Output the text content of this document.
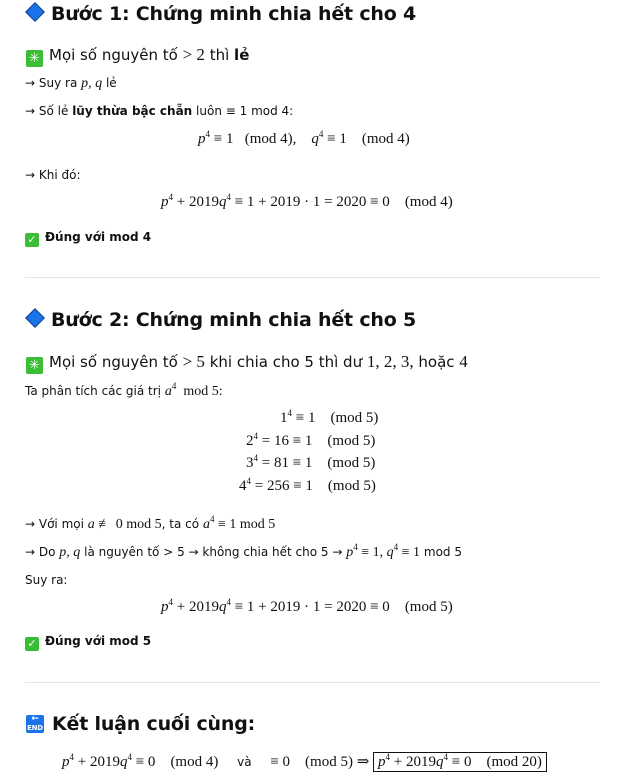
Bước 1: Chứng minh chia hết cho 4
✳ Mọi số nguyên tố > 2 thì lẻ
→ Suy ra p, q lẻ
→ Số lẻ lũy thừa bậc chẵn luôn ≡ 1 mod 4:
$p^4 \equiv 1$ (mod 4), $q^4 \equiv 1$ (mod 4)
→ Khi đó:
$p^4 + 2019q^4 \equiv 1 + 2019 \cdot 1 = 2020 \equiv 0$ (mod 4)
✓ Đúng với mod 4
Bước 2: Chứng minh chia hết cho 5
✳ Mọi số nguyên tố > 5 khi chia cho 5 thì dư 1, 2, 3, hoặc 4
Ta phân tích các giá trị $a^4$ mod 5:
$1^4 \equiv 1$ (mod 5)
$2^4 = 16 \equiv 1$ (mod 5)
$3^4 = 81 \equiv 1$ (mod 5)
$4^4 = 256 \equiv 1$ (mod 5)
→ Với mọi a ≢ 0 mod 5, ta có $a^4 \equiv 1$ mod 5
→ Do p, q là nguyên tố > 5 → không chia hết cho $5 \to p^4 \equiv 1$, $q^4 \equiv 1$ mod 5
Suy ra:
$p^4 + 2019q^4 \equiv 1 + 2019 \cdot 1 = 2020 \equiv 0$ (mod 5)
✓ Đúng với mod 5
←
END Kết luận cuối cùng:
$p^4 + 2019q^4 \equiv 0$ (mod 4) và ≡ 0 (mod 5) ⇒ $p^4 + 2019q^4 \equiv 0$ (mod 20)
